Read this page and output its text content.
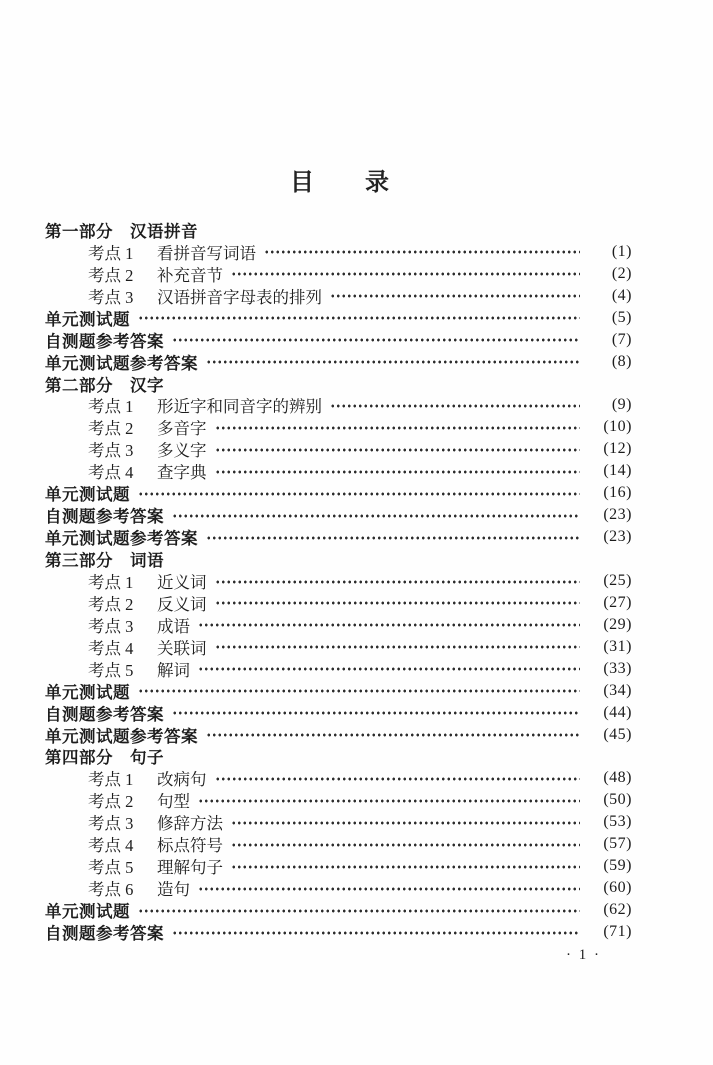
目　　录
第一部分　汉语拼音
考点 1	看拼音写词语	(1)
考点 2	补充音节	(2)
考点 3	汉语拼音字母表的排列	(4)
单元测试题	(5)
自测题参考答案	(7)
单元测试题参考答案	(8)
第二部分　汉字
考点 1	形近字和同音字的辨别	(9)
考点 2	多音字	(10)
考点 3	多义字	(12)
考点 4	查字典	(14)
单元测试题	(16)
自测题参考答案	(23)
单元测试题参考答案	(23)
第三部分　词语
考点 1	近义词	(25)
考点 2	反义词	(27)
考点 3	成语	(29)
考点 4	关联词	(31)
考点 5	解词	(33)
单元测试题	(34)
自测题参考答案	(44)
单元测试题参考答案	(45)
第四部分　句子
考点 1	改病句	(48)
考点 2	句型	(50)
考点 3	修辞方法	(53)
考点 4	标点符号	(57)
考点 5	理解句子	(59)
考点 6	造句	(60)
单元测试题	(62)
自测题参考答案	(71)
· 1 ·
